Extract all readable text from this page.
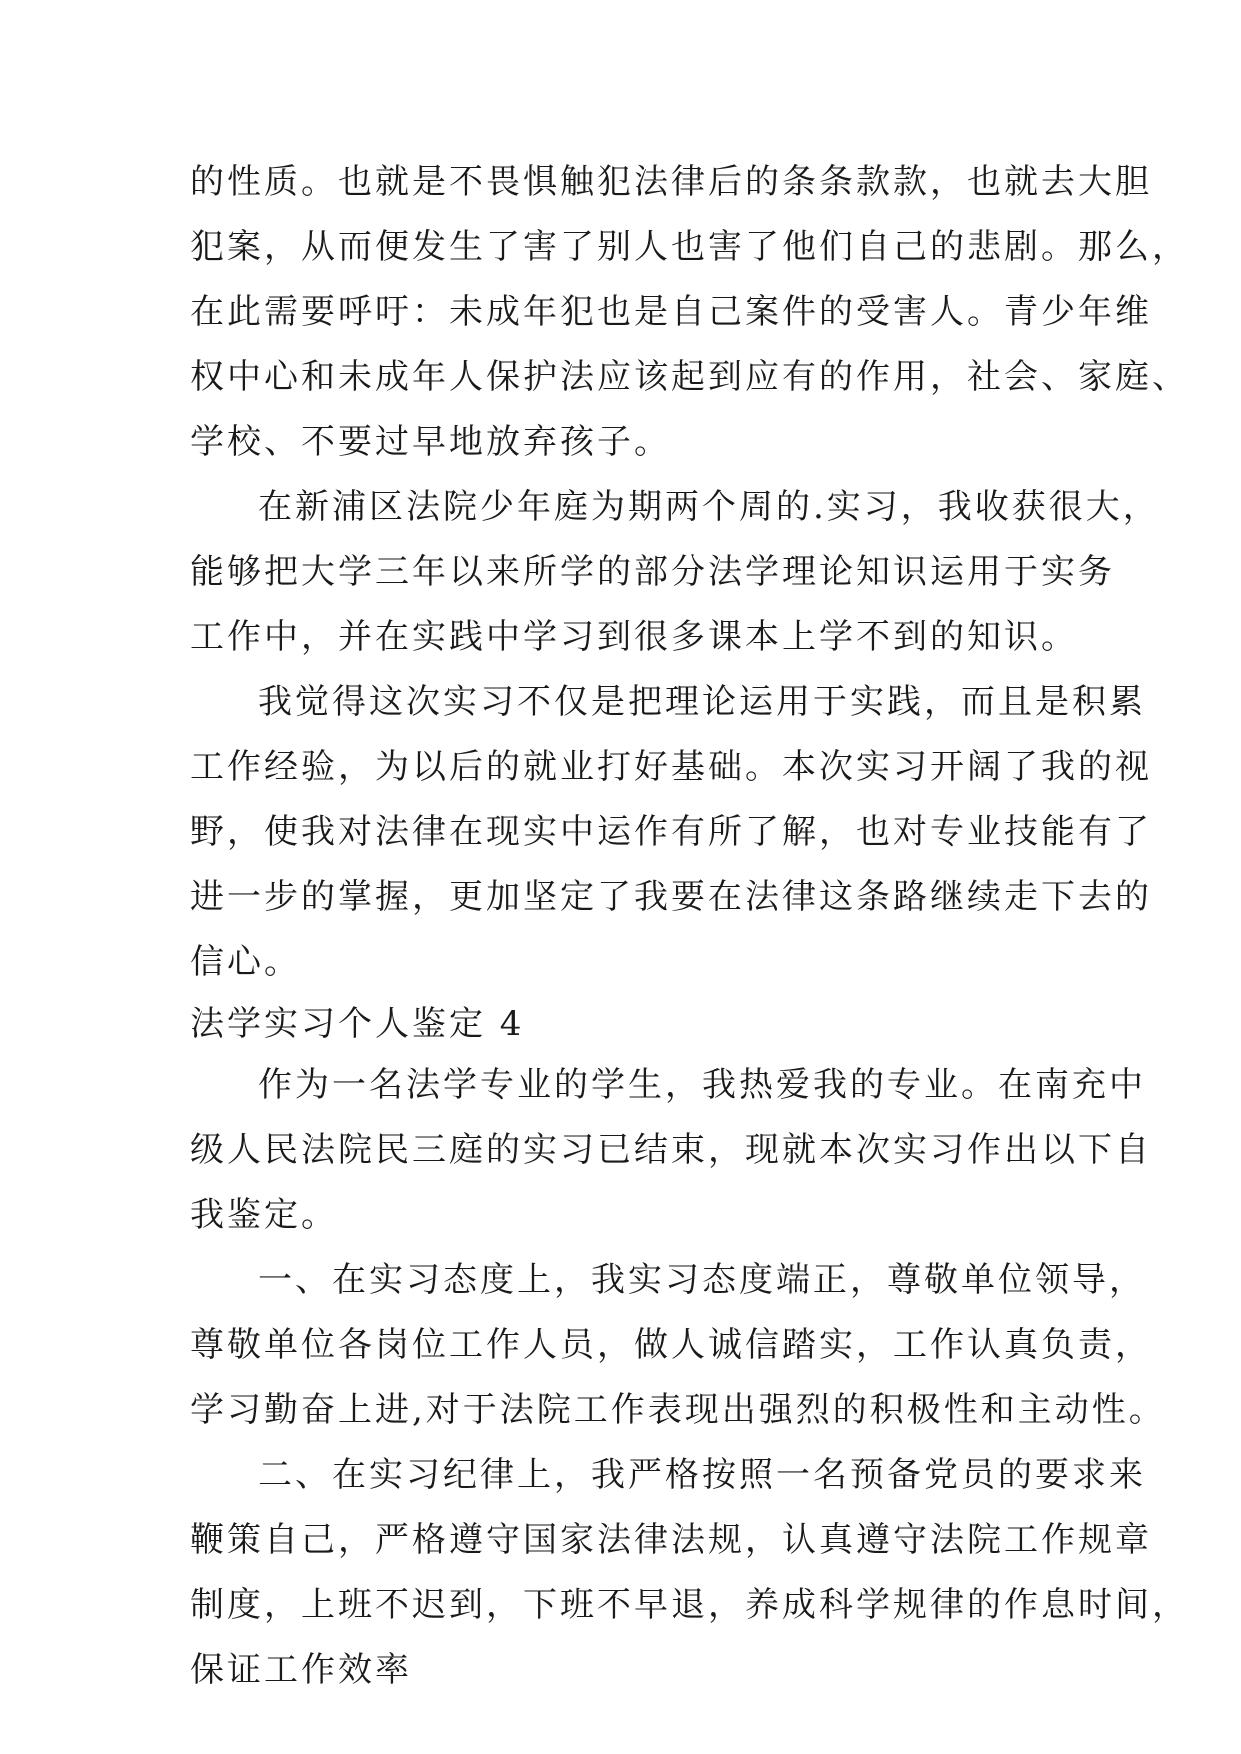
的性质。也就是不畏惧触犯法律后的条条款款，也就去大胆
犯案，从而便发生了害了别人也害了他们自己的悲剧。那么，
在此需要呼吁：未成年犯也是自己案件的受害人。青少年维
权中心和未成年人保护法应该起到应有的作用，社会、家庭、
学校、不要过早地放弃孩子。
在新浦区法院少年庭为期两个周的.实习，我收获很大，
能够把大学三年以来所学的部分法学理论知识运用于实务
工作中，并在实践中学习到很多课本上学不到的知识。
我觉得这次实习不仅是把理论运用于实践，而且是积累
工作经验，为以后的就业打好基础。本次实习开阔了我的视
野，使我对法律在现实中运作有所了解，也对专业技能有了
进一步的掌握，更加坚定了我要在法律这条路继续走下去的
信心。
法学实习个人鉴定 4
作为一名法学专业的学生，我热爱我的专业。在南充中
级人民法院民三庭的实习已结束，现就本次实习作出以下自
我鉴定。
一、在实习态度上，我实习态度端正，尊敬单位领导，
尊敬单位各岗位工作人员，做人诚信踏实，工作认真负责，
学习勤奋上进,对于法院工作表现出强烈的积极性和主动性。
二、在实习纪律上，我严格按照一名预备党员的要求来
鞭策自己，严格遵守国家法律法规，认真遵守法院工作规章
制度，上班不迟到，下班不早退，养成科学规律的作息时间，
保证工作效率
